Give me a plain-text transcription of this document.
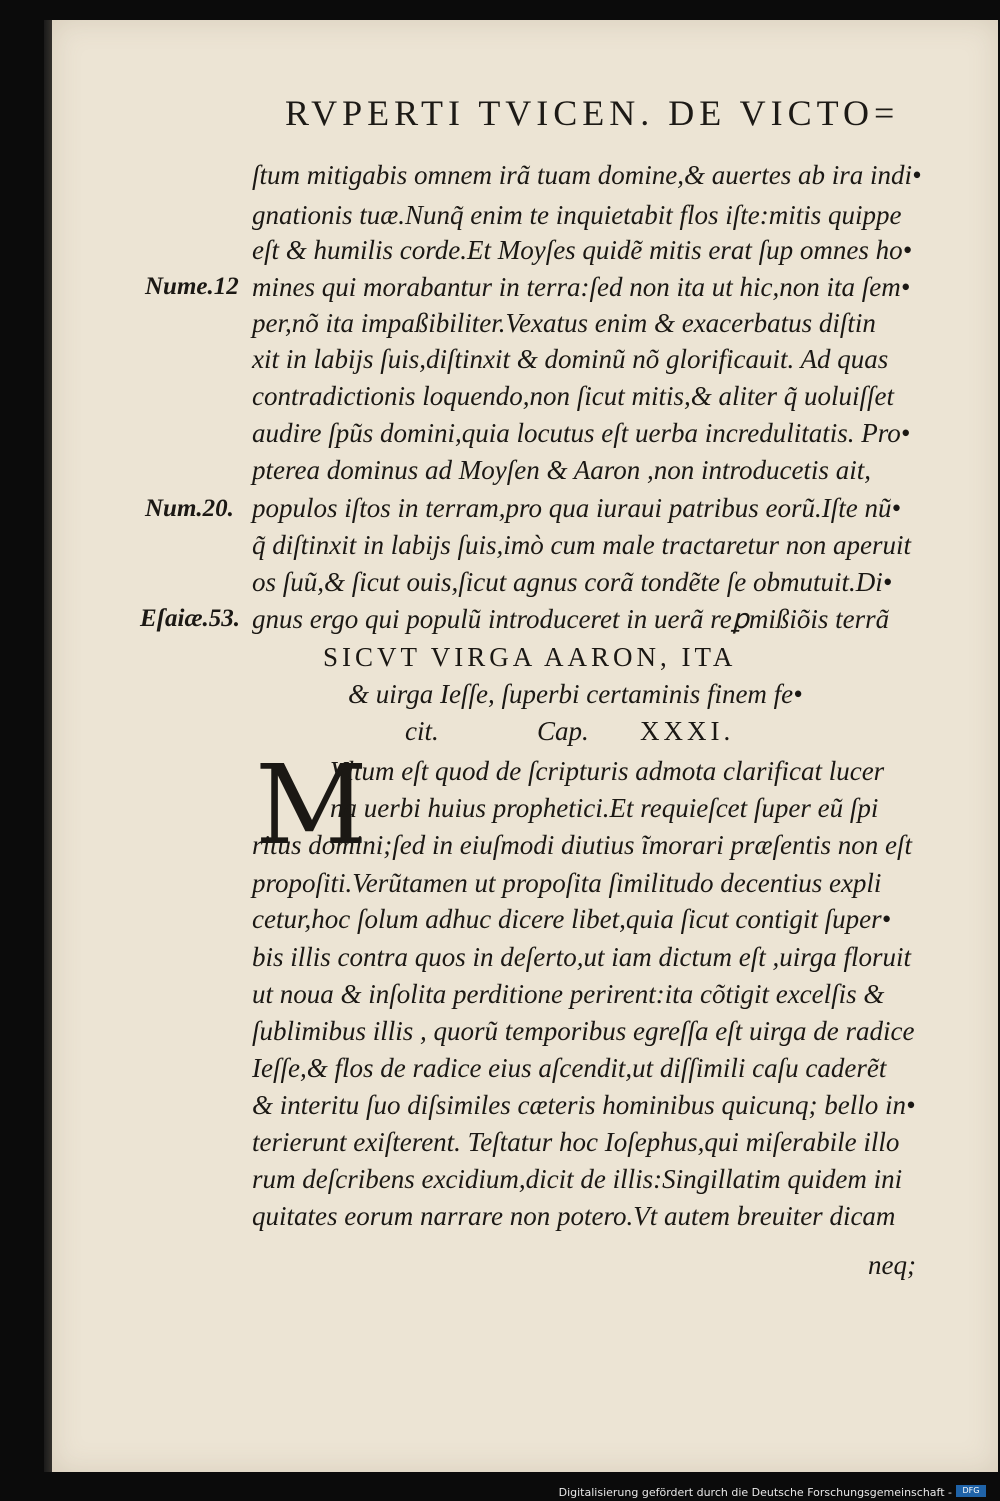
RVPERTI TVICEN. DE VICTO=
ſtum mitigabis omnem irã tuam domine,& auertes ab ira indi•
gnationis tuæ.Nunq̃ enim te inquietabit flos iſte:mitis quippe
eſt & humilis corde.Et Moyſes quidẽ mitis erat ſup omnes ho•
mines qui morabantur in terra:ſed non ita ut hic,non ita ſem•
per,nõ ita impaßibiliter.Vexatus enim & exacerbatus diſtin
xit in labijs ſuis,diſtinxit & dominũ nõ glorificauit. Ad quas
contradictionis loquendo,non ſicut mitis,& aliter q̃ uoluiſſet
audire ſpũs domini,quia locutus eſt uerba incredulitatis. Pro•
pterea dominus ad Moyſen & Aaron ,non introducetis ait,
populos iſtos in terram,pro qua iuraui patribus eorũ.Iſte nũ•
q̃ diſtinxit in labijs ſuis,imò cum male tractaretur non aperuit
os ſuũ,& ſicut ouis,ſicut agnus corã tondẽte ſe obmutuit.Di•
gnus ergo qui populũ introduceret in uerã reꝑmißiõis terrã
Nume.12
Num.20.
Eſaiæ.53.
SICVT VIRGA AARON, ITA
& uirga Ieſſe, ſuperbi certaminis finem fe•
cit.	Cap. XXXI.
M
Vltum eſt quod de ſcripturis admota clarificat lucer
na uerbi huius prophetici.Et requieſcet ſuper eũ ſpi
ritus domini;ſed in eiuſmodi diutius ĩmorari præſentis non eſt
propoſiti.Verũtamen ut propoſita ſimilitudo decentius expli
cetur,hoc ſolum adhuc dicere libet,quia ſicut contigit ſuper•
bis illis contra quos in deſerto,ut iam dictum eſt ,uirga floruit
ut noua & inſolita perditione perirent:ita cõtigit excelſis &
ſublimibus illis , quorũ temporibus egreſſa eſt uirga de radice
Ieſſe,& flos de radice eius aſcendit,ut diſſimili caſu caderẽt
& interitu ſuo diſsimiles cæteris hominibus quicunq; bello in•
terierunt exiſterent. Teſtatur hoc Ioſephus,qui miſerabile illo
rum deſcribens excidium,dicit de illis:Singillatim quidem ini
quitates eorum narrare non potero.Vt autem breuiter dicam
neq;
Digitalisierung gefördert durch die Deutsche Forschungsgemeinschaft -	DFG
